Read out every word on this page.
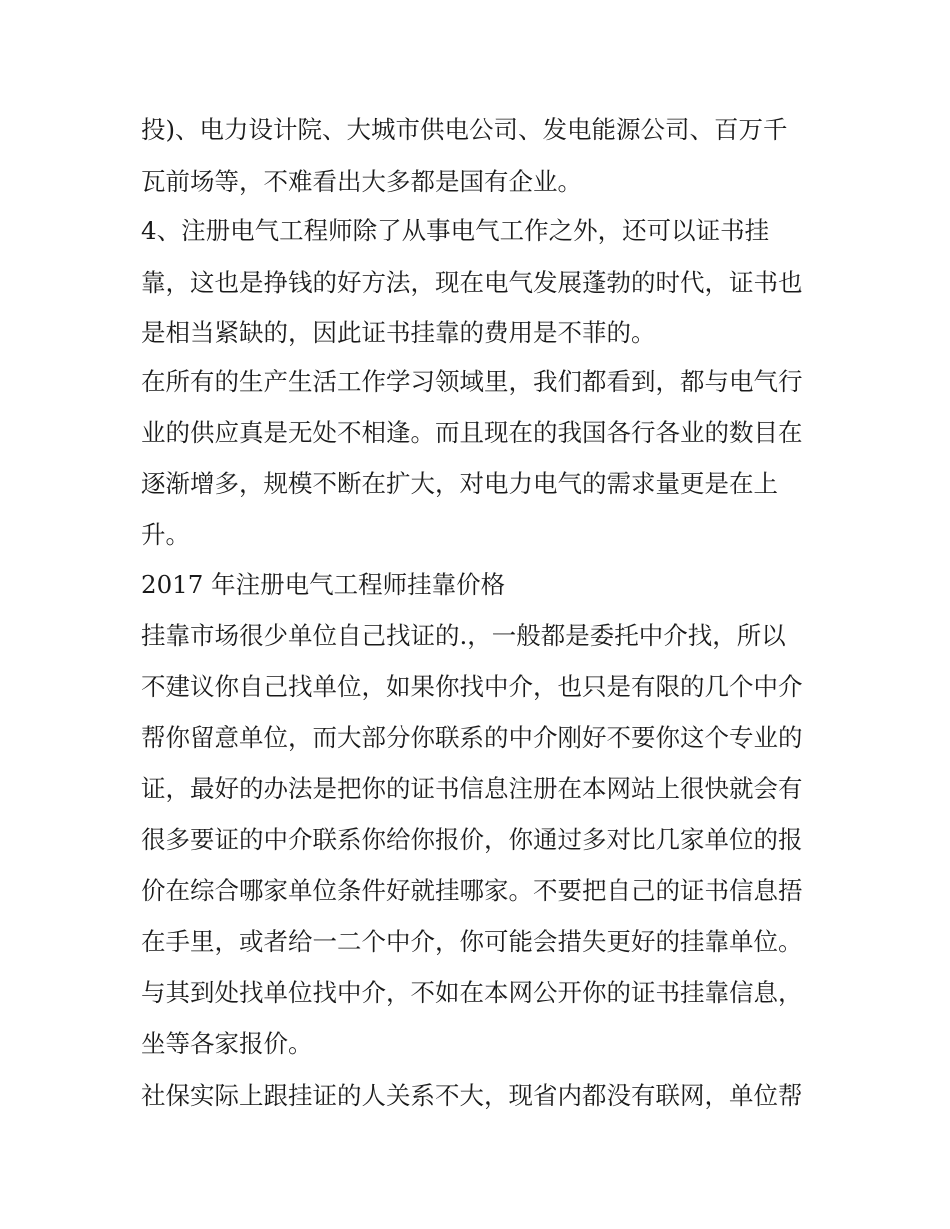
投)、电力设计院、大城市供电公司、发电能源公司、百万千
瓦前场等，不难看出大多都是国有企业。
4、注册电气工程师除了从事电气工作之外，还可以证书挂
靠，这也是挣钱的好方法，现在电气发展蓬勃的时代，证书也
是相当紧缺的，因此证书挂靠的费用是不菲的。
在所有的生产生活工作学习领域里，我们都看到，都与电气行
业的供应真是无处不相逢。而且现在的我国各行各业的数目在
逐渐增多，规模不断在扩大，对电力电气的需求量更是在上
升。
2017 年注册电气工程师挂靠价格
挂靠市场很少单位自己找证的.，一般都是委托中介找，所以
不建议你自己找单位，如果你找中介，也只是有限的几个中介
帮你留意单位，而大部分你联系的中介刚好不要你这个专业的
证，最好的办法是把你的证书信息注册在本网站上很快就会有
很多要证的中介联系你给你报价，你通过多对比几家单位的报
价在综合哪家单位条件好就挂哪家。不要把自己的证书信息捂
在手里，或者给一二个中介，你可能会措失更好的挂靠单位。
与其到处找单位找中介，不如在本网公开你的证书挂靠信息，
坐等各家报价。
社保实际上跟挂证的人关系不大，现省内都没有联网，单位帮
